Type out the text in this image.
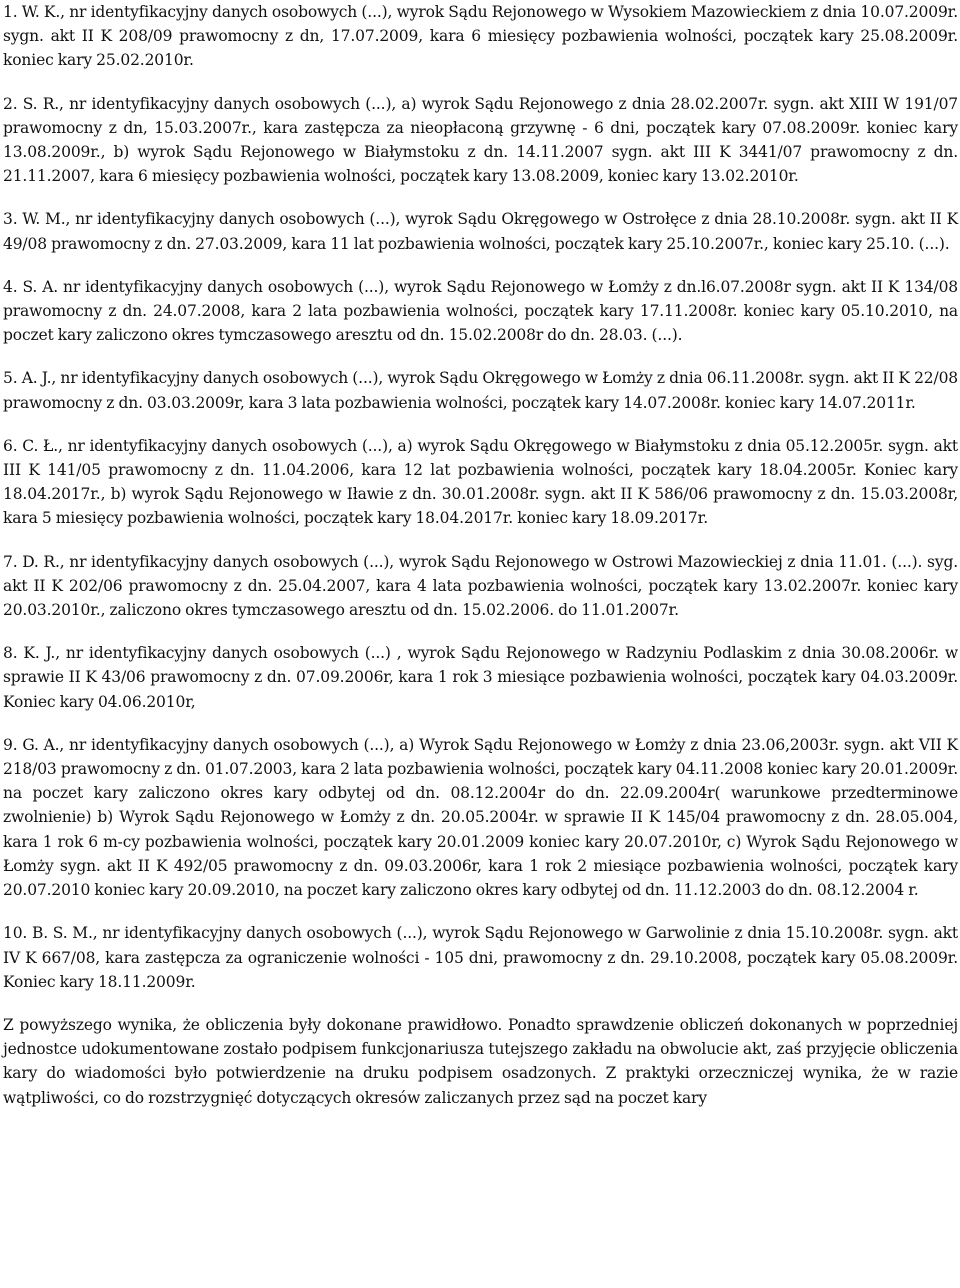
1. W. K., nr identyfikacyjny danych osobowych (...), wyrok Sądu Rejonowego w Wysokiem Mazowieckiem z dnia 10.07.2009r. sygn. akt II K 208/09 prawomocny z dn, 17.07.2009, kara 6 miesięcy pozbawienia wolności, początek kary 25.08.2009r. koniec kary 25.02.2010r.

2. S. R., nr identyfikacyjny danych osobowych (...), a) wyrok Sądu Rejonowego z dnia 28.02.2007r. sygn. akt XIII W 191/07 prawomocny z dn, 15.03.2007r., kara zastępcza za nieopłaconą grzywnę - 6 dni, początek kary 07.08.2009r. koniec kary 13.08.2009r., b) wyrok Sądu Rejonowego w Białymstoku z dn. 14.11.2007 sygn. akt III K 3441/07 prawomocny z dn. 21.11.2007, kara 6 miesięcy pozbawienia wolności, początek kary 13.08.2009, koniec kary 13.02.2010r.

3. W. M., nr identyfikacyjny danych osobowych (...), wyrok Sądu Okręgowego w Ostrołęce z dnia 28.10.2008r. sygn. akt II K 49/08 prawomocny z dn. 27.03.2009, kara 11 lat pozbawienia wolności, początek kary 25.10.2007r., koniec kary 25.10. (...).

4. S. A. nr identyfikacyjny danych osobowych (...), wyrok Sądu Rejonowego w Łomży z dn.l6.07.2008r sygn. akt II K 134/08 prawomocny z dn. 24.07.2008, kara 2 lata pozbawienia wolności, początek kary 17.11.2008r. koniec kary 05.10.2010, na poczet kary zaliczono okres tymczasowego aresztu od dn. 15.02.2008r do dn. 28.03. (...).

5. A. J., nr identyfikacyjny danych osobowych (...), wyrok Sądu Okręgowego w Łomży z dnia 06.11.2008r. sygn. akt II K 22/08 prawomocny z dn. 03.03.2009r, kara 3 lata pozbawienia wolności, początek kary 14.07.2008r. koniec kary 14.07.2011r.

6. C. Ł., nr identyfikacyjny danych osobowych (...), a) wyrok Sądu Okręgowego w Białymstoku z dnia 05.12.2005r. sygn. akt III K 141/05 prawomocny z dn. 11.04.2006, kara 12 lat pozbawienia wolności, początek kary 18.04.2005r. Koniec kary 18.04.2017r., b) wyrok Sądu Rejonowego w Iławie z dn. 30.01.2008r. sygn. akt II K 586/06 prawomocny z dn. 15.03.2008r, kara 5 miesięcy pozbawienia wolności, początek kary 18.04.2017r. koniec kary 18.09.2017r.

7. D. R., nr identyfikacyjny danych osobowych (...), wyrok Sądu Rejonowego w Ostrowi Mazowieckiej z dnia 11.01. (...). syg. akt II K 202/06 prawomocny z dn. 25.04.2007, kara 4 lata pozbawienia wolności, początek kary 13.02.2007r. koniec kary 20.03.2010r., zaliczono okres tymczasowego aresztu od dn. 15.02.2006. do 11.01.2007r.

8. K. J., nr identyfikacyjny danych osobowych (...) , wyrok Sądu Rejonowego w Radzyniu Podlaskim z dnia 30.08.2006r. w sprawie II K 43/06 prawomocny z dn. 07.09.2006r, kara 1 rok 3 miesiące pozbawienia wolności, początek kary 04.03.2009r. Koniec kary 04.06.2010r,

9. G. A., nr identyfikacyjny danych osobowych (...), a) Wyrok Sądu Rejonowego w Łomży z dnia 23.06,2003r. sygn. akt VII K 218/03 prawomocny z dn. 01.07.2003, kara 2 lata pozbawienia wolności, początek kary 04.11.2008 koniec kary 20.01.2009r. na poczet kary zaliczono okres kary odbytej od dn. 08.12.2004r do dn. 22.09.2004r( warunkowe przedterminowe zwolnienie) b) Wyrok Sądu Rejonowego w Łomży z dn. 20.05.2004r. w sprawie II K 145/04 prawomocny z dn. 28.05.004, kara 1 rok 6 m-cy pozbawienia wolności, początek kary 20.01.2009 koniec kary 20.07.2010r, c) Wyrok Sądu Rejonowego w Łomży sygn. akt II K 492/05 prawomocny z dn. 09.03.2006r, kara 1 rok 2 miesiące pozbawienia wolności, początek kary 20.07.2010 koniec kary 20.09.2010, na poczet kary zaliczono okres kary odbytej od dn. 11.12.2003 do dn. 08.12.2004 r.

10. B. S. M., nr identyfikacyjny danych osobowych (...), wyrok Sądu Rejonowego w Garwolinie z dnia 15.10.2008r. sygn. akt IV K 667/08, kara zastępcza za ograniczenie wolności - 105 dni, prawomocny z dn. 29.10.2008, początek kary 05.08.2009r. Koniec kary 18.11.2009r.

Z powyższego wynika, że obliczenia były dokonane prawidłowo. Ponadto sprawdzenie obliczeń dokonanych w poprzedniej jednostce udokumentowane zostało podpisem funkcjonariusza tutejszego zakładu na obwolucie akt, zaś przyjęcie obliczenia kary do wiadomości było potwierdzenie na druku podpisem osadzonych. Z praktyki orzeczniczej wynika, że w razie wątpliwości, co do rozstrzygnięć dotyczących okresów zaliczanych przez sąd na poczet kary
